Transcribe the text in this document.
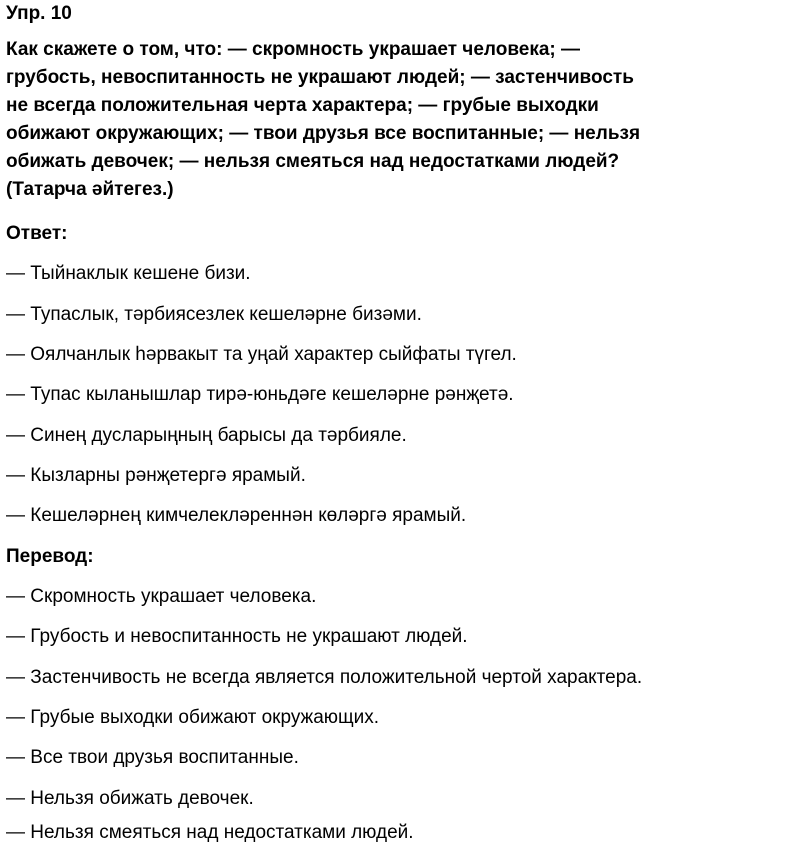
Упр. 10
Как скажете о том, что: — скромность украшает человека; —
грубость, невоспитанность не украшают людей; — застенчивость
не всегда положительная черта характера; — грубые выходки
обижают окружающих; — твои друзья все воспитанные; — нельзя
обижать девочек; — нельзя смеяться над недостатками людей?
(Татарча әйтегез.)
Ответ:
— Тыйнаклык кешене бизи.
— Тупаслык, тәрбиясезлек кешеләрне бизәми.
— Оялчанлык һәрвакыт та уңай характер сыйфаты түгел.
— Тупас кыланышлар тирә-юньдәге кешеләрне рәнҗетә.
— Синең дусларыңның барысы да тәрбияле.
— Кызларны рәнҗетергә ярамый.
— Кешеләрнең кимчелекләреннән көләргә ярамый.
Перевод:
— Скромность украшает человека.
— Грубость и невоспитанность не украшают людей.
— Застенчивость не всегда является положительной чертой характера.
— Грубые выходки обижают окружающих.
— Все твои друзья воспитанные.
— Нельзя обижать девочек.
— Нельзя смеяться над недостатками людей.
